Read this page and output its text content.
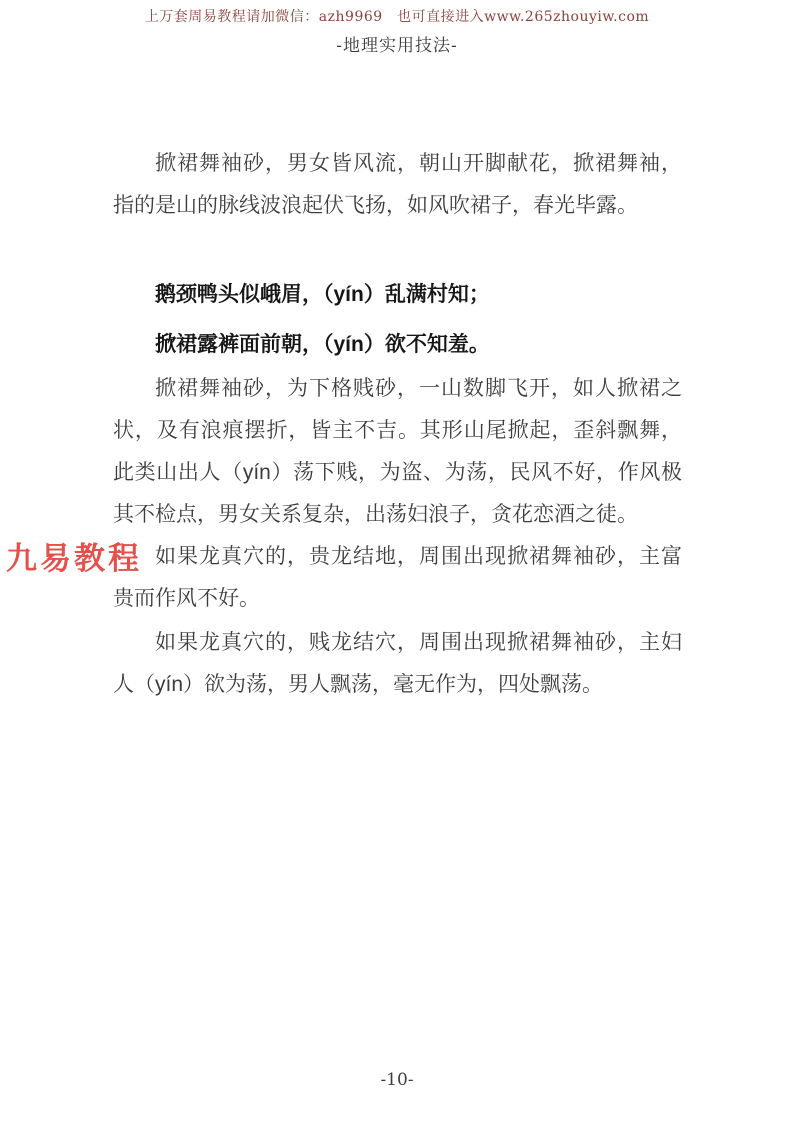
上万套周易教程请加微信：azh9969　也可直接进入www.265zhouyiw.com
-地理实用技法-

掀裙舞袖砂，男女皆风流，朝山开脚献花，掀裙舞袖，
指的是山的脉线波浪起伏飞扬，如风吹裙子，春光毕露。

鹅颈鸭头似峨眉，（yín）乱满村知；
掀裙露裤面前朝，（yín）欲不知羞。

掀裙舞袖砂，为下格贱砂，一山数脚飞开，如人掀裙之
状，及有浪痕摆折，皆主不吉。其形山尾掀起，歪斜飘舞，
此类山出人（yín）荡下贱，为盗、为荡，民风不好，作风极
其不检点，男女关系复杂，出荡妇浪子，贪花恋酒之徒。

如果龙真穴的，贵龙结地，周围出现掀裙舞袖砂，主富
贵而作风不好。

如果龙真穴的，贱龙结穴，周围出现掀裙舞袖砂，主妇
人（yín）欲为荡，男人飘荡，毫无作为，四处飘荡。

九易教程
-10-
